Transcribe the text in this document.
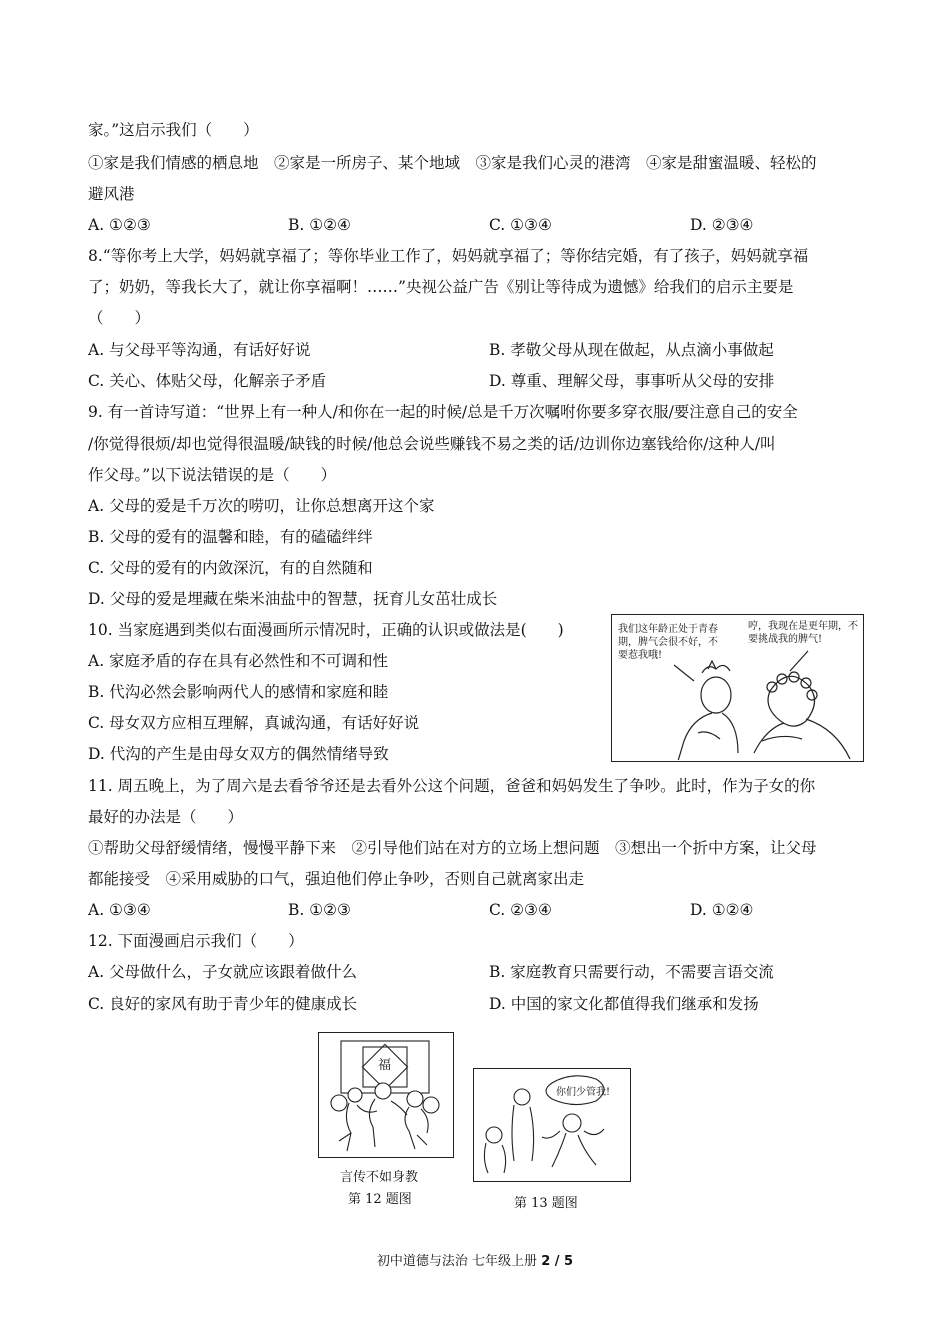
家。”这启示我们（　　）
①家是我们情感的栖息地　②家是一所房子、某个地域　③家是我们心灵的港湾　④家是甜蜜温暖、轻松的
避风港
A. ①②③	B. ①②④	C. ①③④	D. ②③④
8.“等你考上大学，妈妈就享福了；等你毕业工作了，妈妈就享福了；等你结完婚，有了孩子，妈妈就享福
了；奶奶，等我长大了，就让你享福啊！……”央视公益广告《别让等待成为遗憾》给我们的启示主要是
（　　）
A. 与父母平等沟通，有话好好说	B. 孝敬父母从现在做起，从点滴小事做起
C. 关心、体贴父母，化解亲子矛盾	D. 尊重、理解父母，事事听从父母的安排
9. 有一首诗写道：“世界上有一种人/和你在一起的时候/总是千万次嘱咐你要多穿衣服/要注意自己的安全
/你觉得很烦/却也觉得很温暖/缺钱的时候/他总会说些赚钱不易之类的话/边训你边塞钱给你/这种人/叫
作父母。”以下说法错误的是（　　）
A. 父母的爱是千万次的唠叨，让你总想离开这个家
B. 父母的爱有的温馨和睦，有的磕磕绊绊
C. 父母的爱有的内敛深沉，有的自然随和
D. 父母的爱是埋藏在柴米油盐中的智慧，抚育儿女茁壮成长
10. 当家庭遇到类似右面漫画所示情况时，正确的认识或做法是(　　)
A. 家庭矛盾的存在具有必然性和不可调和性
B. 代沟必然会影响两代人的感情和家庭和睦
C. 母女双方应相互理解，真诚沟通，有话好好说
D. 代沟的产生是由母女双方的偶然情绪导致
我们这年龄正处于青春期，脾气会很不好，不要惹我哦!
哼，我现在是更年期，不要挑战我的脾气!
11. 周五晚上，为了周六是去看爷爷还是去看外公这个问题，爸爸和妈妈发生了争吵。此时，作为子女的你
最好的办法是（　　）
①帮助父母舒缓情绪，慢慢平静下来　②引导他们站在对方的立场上想问题　③想出一个折中方案，让父母
都能接受　④采用威胁的口气，强迫他们停止争吵，否则自己就离家出走
A. ①③④	B. ①②③	C. ②③④	D. ①②④
12. 下面漫画启示我们（　　）
A. 父母做什么，子女就应该跟着做什么	B. 家庭教育只需要行动，不需要言语交流
C. 良好的家风有助于青少年的健康成长	D. 中国的家文化都值得我们继承和发扬
福
言传不如身教
第 12 题图
你们少管我!
第 13 题图
初中道德与法治 七年级上册 2 / 5
